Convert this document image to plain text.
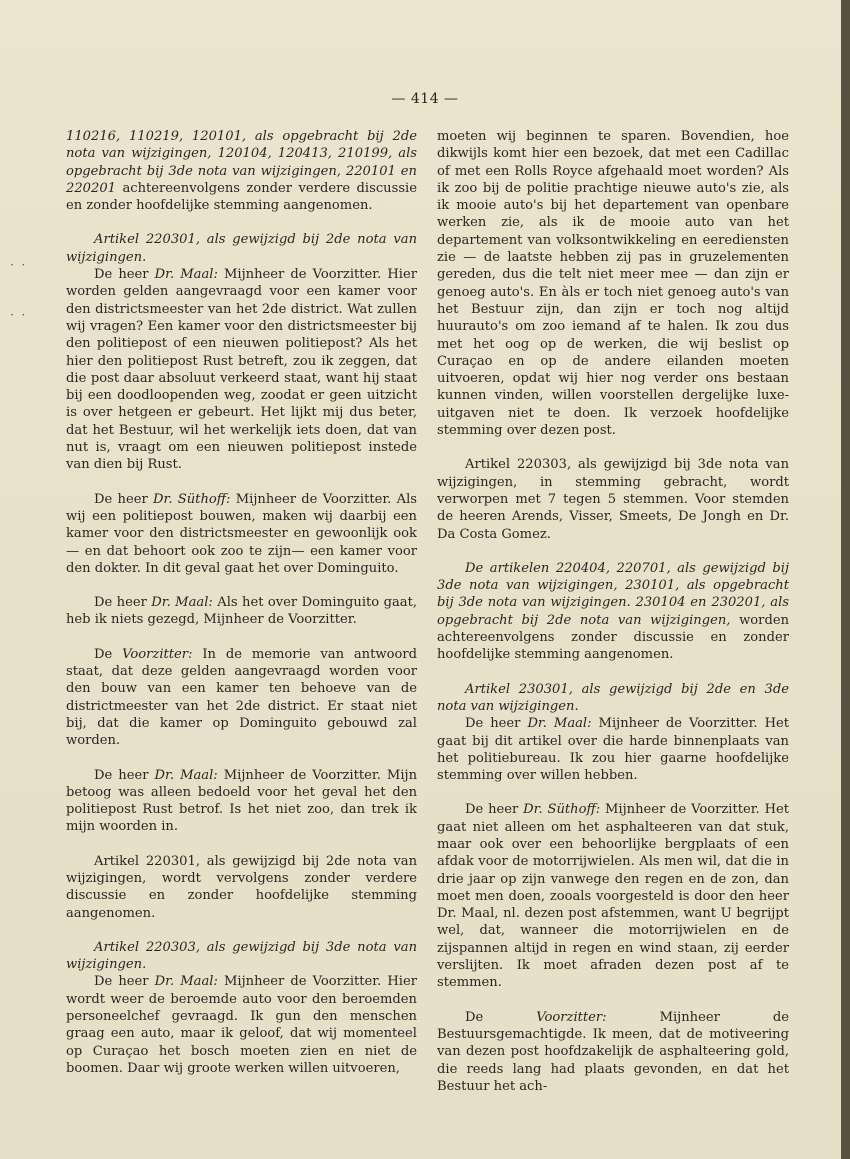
— 414 —
·  ·
·  ·

110216, 110219, 120101, als opgebracht bij 2de nota van wijzigingen, 120104, 120413, 210199, als opgebracht bij 3de nota van wijzigingen, 220101 en 220201 achtereenvolgens zonder verdere discussie en zonder hoofdelijke stemming aangenomen.

Artikel 220301, als gewijzigd bij 2de nota van wijzigingen.

De heer Dr. Maal: Mijnheer de Voorzitter. Hier worden gelden aangevraagd voor een kamer voor den districtsmeester van het 2de district. Wat zullen wij vragen? Een kamer voor den districtsmeester bij den politiepost of een nieuwen politiepost? Als het hier den politiepost Rust betreft, zou ik zeggen, dat die post daar absoluut verkeerd staat, want hij staat bij een doodloopenden weg, zoodat er geen uitzicht is over hetgeen er gebeurt. Het lijkt mij dus beter, dat het Bestuur, wil het werkelijk iets doen, dat van nut is, vraagt om een nieuwen politiepost instede van dien bij Rust.

De heer Dr. Süthoff: Mijnheer de Voorzitter. Als wij een politiepost bouwen, maken wij daarbij een kamer voor den districtsmeester en gewoonlijk ook — en dat behoort ook zoo te zijn— een kamer voor den dokter. In dit geval gaat het over Dominguito.

De heer Dr. Maal: Als het over Dominguito gaat, heb ik niets gezegd, Mijnheer de Voorzitter.

De Voorzitter: In de memorie van antwoord staat, dat deze gelden aangevraagd worden voor den bouw van een kamer ten behoeve van de districtmeester van het 2de district. Er staat niet bij, dat die kamer op Dominguito gebouwd zal worden.

De heer Dr. Maal: Mijnheer de Voorzitter. Mijn betoog was alleen bedoeld voor het geval het den politiepost Rust betrof. Is het niet zoo, dan trek ik mijn woorden in.

Artikel 220301, als gewijzigd bij 2de nota van wijzigingen, wordt vervolgens zonder verdere discussie en zonder hoofdelijke stemming aangenomen.

Artikel 220303, als gewijzigd bij 3de nota van wijzigingen.

De heer Dr. Maal: Mijnheer de Voorzitter. Hier wordt weer de beroemde auto voor den beroemden personeelchef gevraagd. Ik gun den menschen graag een auto, maar ik geloof, dat wij momenteel op Curaçao het bosch moeten zien en niet de boomen. Daar wij groote werken willen uitvoeren,

moeten wij beginnen te sparen. Bovendien, hoe dikwijls komt hier een bezoek, dat met een Cadillac of met een Rolls Royce afgehaald moet worden? Als ik zoo bij de politie prachtige nieuwe auto's zie, als ik mooie auto's bij het departement van openbare werken zie, als ik de mooie auto van het departement van volksontwikkeling en eerediensten zie — de laatste hebben zij pas in gruzelementen gereden, dus die telt niet meer mee — dan zijn er genoeg auto's. En àls er toch niet genoeg auto's van het Bestuur zijn, dan zijn er toch nog altijd huurauto's om zoo iemand af te halen. Ik zou dus met het oog op de werken, die wij beslist op Curaçao en op de andere eilanden moeten uitvoeren, opdat wij hier nog verder ons bestaan kunnen vinden, willen voorstellen dergelijke luxe-uitgaven niet te doen. Ik verzoek hoofdelijke stemming over dezen post.

Artikel 220303, als gewijzigd bij 3de nota van wijzigingen, in stemming gebracht, wordt verworpen met 7 tegen 5 stemmen. Voor stemden de heeren Arends, Visser, Smeets, De Jongh en Dr. Da Costa Gomez.

De artikelen 220404, 220701, als gewijzigd bij 3de nota van wijzigingen, 230101, als opgebracht bij 3de nota van wijzigingen. 230104 en 230201, als opgebracht bij 2de nota van wijzigingen, worden achtereenvolgens zonder discussie en zonder hoofdelijke stemming aangenomen.

Artikel 230301, als gewijzigd bij 2de en 3de nota van wijzigingen.

De heer Dr. Maal: Mijnheer de Voorzitter. Het gaat bij dit artikel over die harde binnenplaats van het politiebureau. Ik zou hier gaarne hoofdelijke stemming over willen hebben.

De heer Dr. Süthoff: Mijnheer de Voorzitter. Het gaat niet alleen om het asphalteeren van dat stuk, maar ook over een behoorlijke bergplaats of een afdak voor de motorrijwielen. Als men wil, dat die in drie jaar op zijn vanwege den regen en de zon, dan moet men doen, zooals voorgesteld is door den heer Dr. Maal, nl. dezen post afstemmen, want U begrijpt wel, dat, wanneer die motorrijwielen en de zijspannen altijd in regen en wind staan, zij eerder verslijten. Ik moet afraden dezen post af te stemmen.

De Voorzitter: Mijnheer de Bestuursgemachtigde. Ik meen, dat de motiveering van dezen post hoofdzakelijk de asphalteering gold, die reeds lang had plaats gevonden, en dat het Bestuur het ach-
